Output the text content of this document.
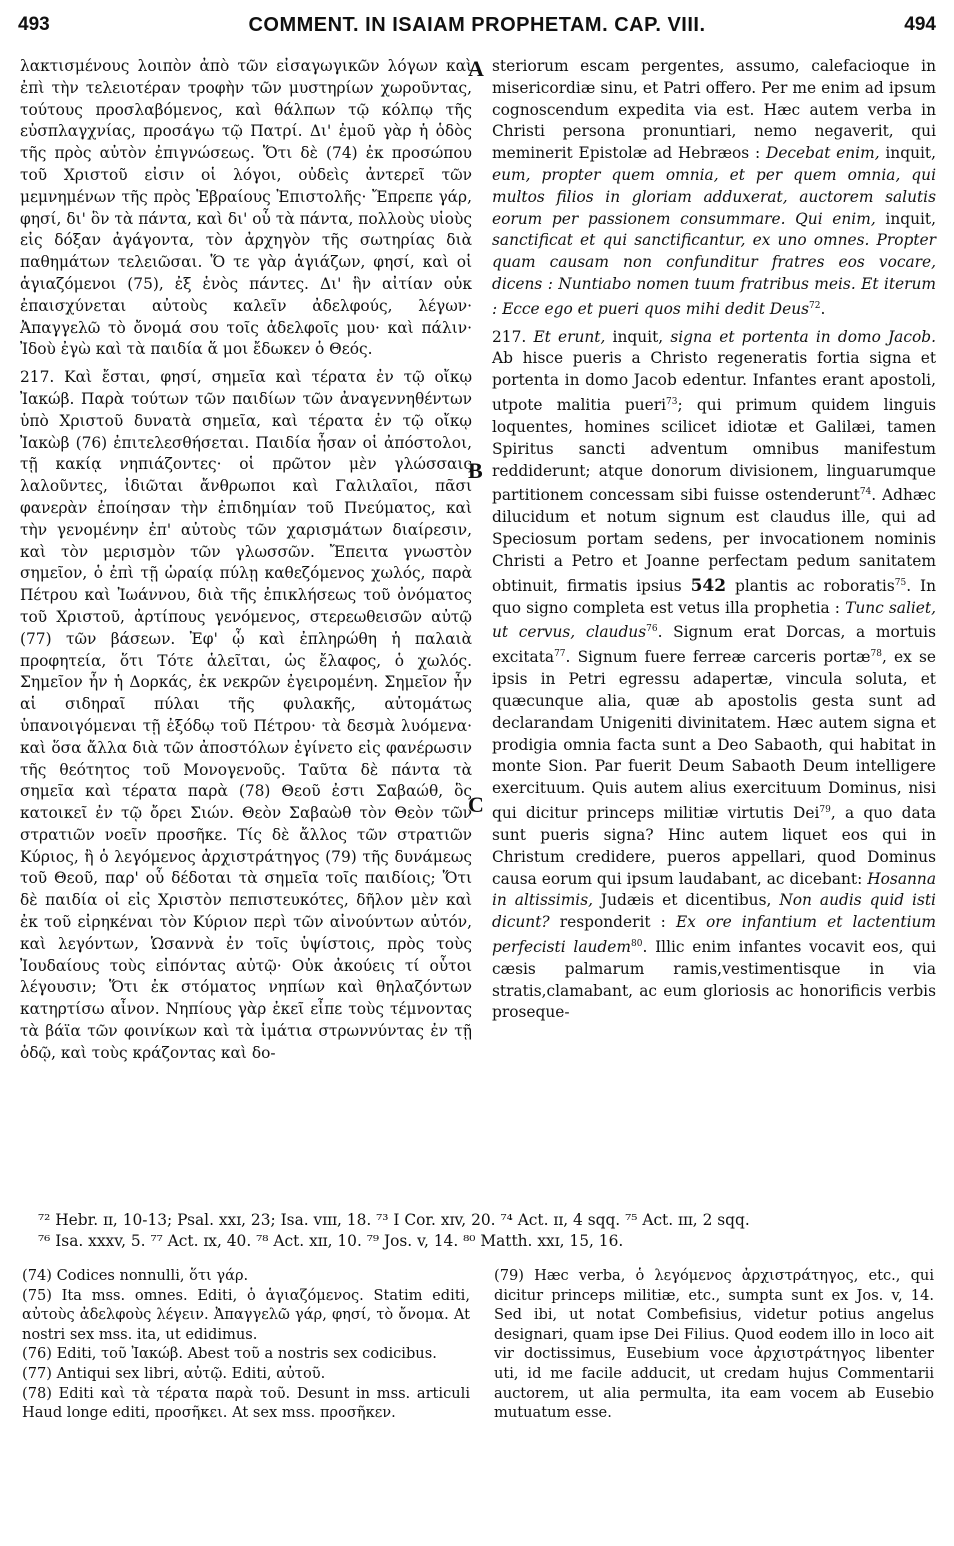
493	COMMENT. IN ISAIAM PROPHETAM. CAP. VIII.	494
A
B
C

λακτισμένους λοιπὸν ἀπὸ τῶν εἰσαγωγικῶν λόγων καὶ ἐπὶ τὴν τελειοτέραν τροφὴν τῶν μυστηρίων χωροῦντας, τούτους προσλαβόμενος, καὶ θάλπων τῷ κόλπῳ τῆς εὐσπλαγχνίας, προσάγω τῷ Πατρί. Δι' ἐμοῦ γὰρ ἡ ὁδὸς τῆς πρὸς αὐτὸν ἐπιγνώσεως. Ὅτι δὲ (74) ἐκ προσώπου τοῦ Χριστοῦ εἰσιν οἱ λόγοι, οὐδεὶς ἀντερεῖ τῶν μεμνημένων τῆς πρὸς Ἑβραίους Ἐπιστολῆς· Ἔπρεπε γάρ, φησί, δι' ὃν τὰ πάντα, καὶ δι' οὗ τὰ πάντα, πολλοὺς υἱοὺς εἰς δόξαν ἀγάγοντα, τὸν ἀρχηγὸν τῆς σωτηρίας διὰ παθημάτων τελειῶσαι. Ὅ τε γὰρ ἁγιάζων, φησί, καὶ οἱ ἁγιαζόμενοι (75), ἐξ ἑνὸς πάντες. Δι' ἣν αἰτίαν οὐκ ἐπαισχύνεται αὐτοὺς καλεῖν ἀδελφούς, λέγων· Ἀπαγγελῶ τὸ ὄνομά σου τοῖς ἀδελφοῖς μου· καὶ πάλιν· Ἰδοὺ ἐγὼ καὶ τὰ παιδία ἅ μοι ἔδωκεν ὁ Θεός.

217. Καὶ ἔσται, φησί, σημεῖα καὶ τέρατα ἐν τῷ οἴκῳ Ἰακώβ. Παρὰ τούτων τῶν παιδίων τῶν ἀναγεννηθέντων ὑπὸ Χριστοῦ δυνατὰ σημεῖα, καὶ τέρατα ἐν τῷ οἴκῳ Ἰακὼβ (76) ἐπιτελεσθήσεται. Παιδία ἦσαν οἱ ἀπόστολοι, τῇ κακίᾳ νηπιάζοντες· οἱ πρῶτον μὲν γλώσσαις λαλοῦντες, ἰδιῶται ἄνθρωποι καὶ Γαλιλαῖοι, πᾶσι φανερὰν ἐποίησαν τὴν ἐπιδημίαν τοῦ Πνεύματος, καὶ τὴν γενομένην ἐπ' αὐτοὺς τῶν χαρισμάτων διαίρεσιν, καὶ τὸν μερισμὸν τῶν γλωσσῶν. Ἔπειτα γνωστὸν σημεῖον, ὁ ἐπὶ τῇ ὡραίᾳ πύλῃ καθεζόμενος χωλός, παρὰ Πέτρου καὶ Ἰωάννου, διὰ τῆς ἐπικλήσεως τοῦ ὀνόματος τοῦ Χριστοῦ, ἀρτίπους γενόμενος, στερεωθεισῶν αὐτῷ (77) τῶν βάσεων. Ἐφ' ᾧ καὶ ἐπληρώθη ἡ παλαιὰ προφητεία, ὅτι Τότε ἁλεῖται, ὡς ἔλαφος, ὁ χωλός. Σημεῖον ἦν ἡ Δορκάς, ἐκ νεκρῶν ἐγειρομένη. Σημεῖον ἦν αἱ σιδηραῖ πύλαι τῆς φυλακῆς, αὐτομάτως ὑπανοιγόμεναι τῇ ἐξόδῳ τοῦ Πέτρου· τὰ δεσμὰ λυόμενα· καὶ ὅσα ἄλλα διὰ τῶν ἀποστόλων ἐγίνετο εἰς φανέρωσιν τῆς θεότητος τοῦ Μονογενοῦς. Ταῦτα δὲ πάντα τὰ σημεῖα καὶ τέρατα παρὰ (78) Θεοῦ ἐστι Σαβαώθ, ὃς κατοικεῖ ἐν τῷ ὄρει Σιών. Θεὸν Σαβαὼθ τὸν Θεὸν τῶν στρατιῶν νοεῖν προσῆκε. Τίς δὲ ἄλλος τῶν στρατιῶν Κύριος, ἢ ὁ λεγόμενος ἀρχιστράτηγος (79) τῆς δυνάμεως τοῦ Θεοῦ, παρ' οὗ δέδοται τὰ σημεῖα τοῖς παιδίοις; Ὅτι δὲ παιδία οἱ εἰς Χριστὸν πεπιστευκότες, δῆλον μὲν καὶ ἐκ τοῦ εἰρηκέναι τὸν Κύριον περὶ τῶν αἰνούντων αὐτόν, καὶ λεγόντων, Ὡσαννὰ ἐν τοῖς ὑψίστοις, πρὸς τοὺς Ἰουδαίους τοὺς εἰπόντας αὐτῷ· Οὐκ ἀκούεις τί οὗτοι λέγουσιν; Ὅτι ἐκ στόματος νηπίων καὶ θηλαζόντων κατηρτίσω αἶνον. Νηπίους γὰρ ἐκεῖ εἶπε τοὺς τέμνοντας τὰ βάϊα τῶν φοινίκων καὶ τὰ ἱμάτια στρωννύντας ἐν τῇ ὁδῷ, καὶ τοὺς κράζοντας καὶ δο-

steriorum escam pergentes, assumo, calefacioque in misericordiæ sinu, et Patri offero. Per me enim ad ipsum cognoscendum expedita via est. Hæc autem verba in Christi persona pronuntiari, nemo negaverit, qui meminerit Epistolæ ad Hebræos : Decebat enim, inquit, eum, propter quem omnia, et per quem omnia, qui multos filios in gloriam adduxerat, auctorem salutis eorum per passionem consummare. Qui enim, inquit, sanctificat et qui sanctificantur, ex uno omnes. Propter quam causam non confunditur fratres eos vocare, dicens : Nuntiabo nomen tuum fratribus meis. Et iterum : Ecce ego et pueri quos mihi dedit Deus$^{72}$.

217. Et erunt, inquit, signa et portenta in domo Jacob. Ab hisce pueris a Christo regeneratis fortia signa et portenta in domo Jacob edentur. Infantes erant apostoli, utpote malitia pueri$^{73}$; qui primum quidem linguis loquentes, homines scilicet idiotæ et Galilæi, tamen Spiritus sancti adventum omnibus manifestum reddiderunt; atque donorum divisionem, linguarumque partitionem concessam sibi fuisse ostenderunt$^{74}$. Adhæc dilucidum et notum signum est claudus ille, qui ad Speciosum portam sedens, per invocationem nominis Christi a Petro et Joanne perfectam pedum sanitatem obtinuit, firmatis ipsius 542 plantis ac roboratis$^{75}$. In quo signo completa est vetus illa prophetia : Tunc saliet, ut cervus, claudus$^{76}$. Signum erat Dorcas, a mortuis excitata$^{77}$. Signum fuere ferreæ carceris portæ$^{78}$, ex se ipsis in Petri egressu adapertæ, vincula soluta, et quæcunque alia, quæ ab apostolis gesta sunt ad declarandam Unigeniti divinitatem. Hæc autem signa et prodigia omnia facta sunt a Deo Sabaoth, qui habitat in monte Sion. Par fuerit Deum Sabaoth Deum intelligere exercituum. Quis autem alius exercituum Dominus, nisi qui dicitur princeps militiæ virtutis Dei$^{79}$, a quo data sunt pueris signa? Hinc autem liquet eos qui in Christum credidere, pueros appellari, quod Dominus causa eorum qui ipsum laudabant, ac dicebant: Hosanna in altissimis, Judæis et dicentibus, Non audis quid isti dicunt? responderit : Ex ore infantium et lactentium perfecisti laudem$^{80}$. Illic enim infantes vocavit eos, qui cæsis palmarum ramis,vestimentisque in via stratis,clamabant, ac eum gloriosis ac honorificis verbis proseque-

⁷² Hebr. ɪɪ, 10-13; Psal. xxɪ, 23; Isa. vɪɪɪ, 18. ⁷³ I Cor. xɪv, 20. ⁷⁴ Act. ɪɪ, 4 sqq. ⁷⁵ Act. ɪɪɪ, 2 sqq.

⁷⁶ Isa. xxxv, 5. ⁷⁷ Act. ɪx, 40. ⁷⁸ Act. xɪɪ, 10. ⁷⁹ Jos. v, 14. ⁸⁰ Matth. xxɪ, 15, 16.

(74) Codices nonnulli, ὅτι γάρ.

(75) Ita mss. omnes. Editi, ὁ ἁγιαζόμενος. Statim editi, αὐτοὺς ἀδελφοὺς λέγειν. Ἀπαγγελῶ γάρ, φησί, τὸ ὄνομα. At nostri sex mss. ita, ut edidimus.

(76) Editi, τοῦ Ἰακώβ. Abest τοῦ a nostris sex codicibus.

(77) Antiqui sex libri, αὐτῷ. Editi, αὐτοῦ.

(78) Editi καὶ τὰ τέρατα παρὰ τοῦ. Desunt in mss. articuli Haud longe editi, προσῆκει. At sex mss. προσῆκεν.

(79) Hæc verba, ὁ λεγόμενος ἀρχιστράτηγος, etc., qui dicitur princeps militiæ, etc., sumpta sunt ex Jos. v, 14. Sed ibi, ut notat Combefisius, videtur potius angelus designari, quam ipse Dei Filius. Quod eodem illo in loco ait vir doctissimus, Eusebium voce ἀρχιστράτηγος libenter uti, id me facile adducit, ut credam hujus Commentarii auctorem, ut alia permulta, ita eam vocem ab Eusebio mutuatum esse.
